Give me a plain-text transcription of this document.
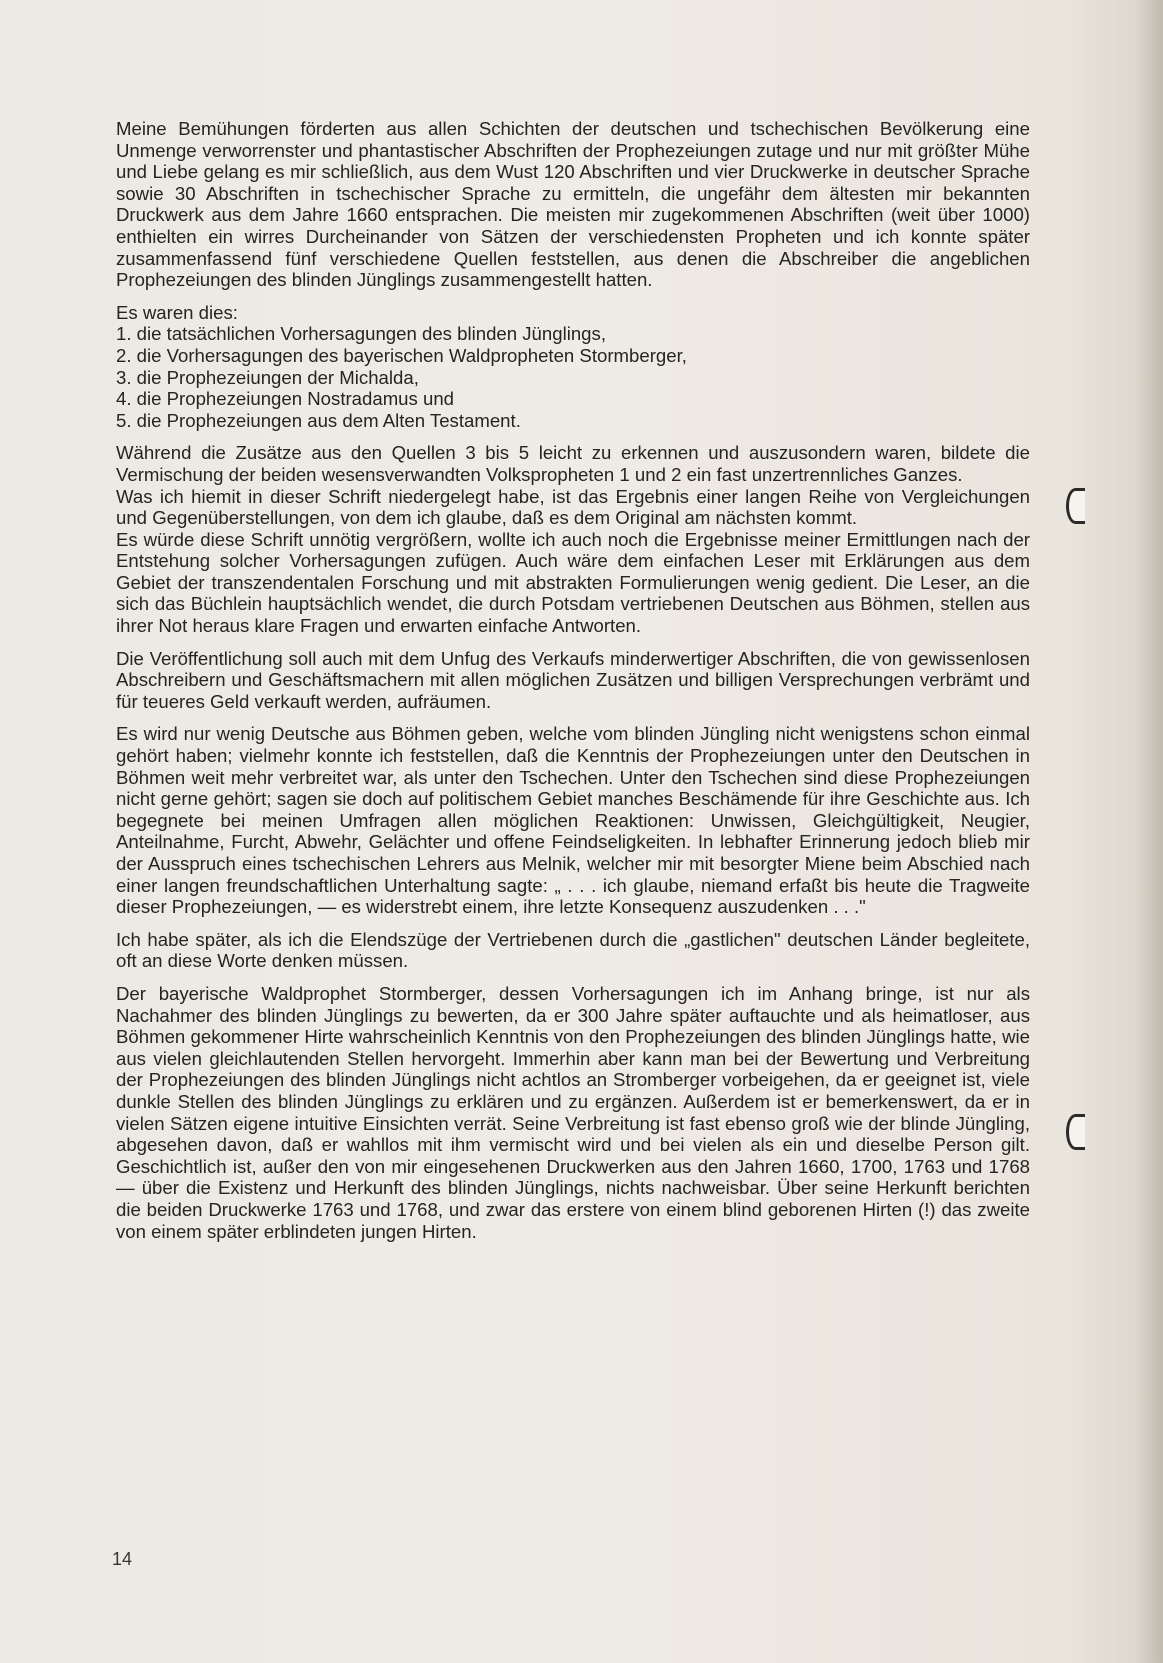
Meine Bemühungen förderten aus allen Schichten der deutschen und tschechischen Bevölkerung eine Unmenge verworrenster und phantastischer Abschriften der Prophezeiungen zutage und nur mit größter Mühe und Liebe gelang es mir schließlich, aus dem Wust 120 Abschriften und vier Druckwerke in deutscher Sprache sowie 30 Abschriften in tschechischer Sprache zu ermitteln, die ungefähr dem ältesten mir bekannten Druckwerk aus dem Jahre 1660 entsprachen. Die meisten mir zugekommenen Abschriften (weit über 1000) enthielten ein wirres Durcheinander von Sätzen der verschiedensten Propheten und ich konnte später zusammenfassend fünf verschiedene Quellen feststellen, aus denen die Abschreiber die angeblichen Prophezeiungen des blinden Jünglings zusammengestellt hatten.

Es waren dies:

1. die tatsächlichen Vorhersagungen des blinden Jünglings,
2. die Vorhersagungen des bayerischen Waldpropheten Stormberger,
3. die Prophezeiungen der Michalda,
4. die Prophezeiungen Nostradamus und
5. die Prophezeiungen aus dem Alten Testament.

Während die Zusätze aus den Quellen 3 bis 5 leicht zu erkennen und auszusondern waren, bildete die Vermischung der beiden wesensverwandten Volkspropheten 1 und 2 ein fast unzertrennliches Ganzes.

Was ich hiemit in dieser Schrift niedergelegt habe, ist das Ergebnis einer langen Reihe von Vergleichungen und Gegenüberstellungen, von dem ich glaube, daß es dem Original am nächsten kommt.

Es würde diese Schrift unnötig vergrößern, wollte ich auch noch die Ergebnisse meiner Ermittlungen nach der Entstehung solcher Vorhersagungen zufügen. Auch wäre dem einfachen Leser mit Erklärungen aus dem Gebiet der transzendentalen Forschung und mit abstrakten Formulierungen wenig gedient. Die Leser, an die sich das Büchlein hauptsächlich wendet, die durch Potsdam vertriebenen Deutschen aus Böhmen, stellen aus ihrer Not heraus klare Fragen und erwarten einfache Antworten.

Die Veröffentlichung soll auch mit dem Unfug des Verkaufs minderwertiger Abschriften, die von gewissenlosen Abschreibern und Geschäftsmachern mit allen möglichen Zusätzen und billigen Versprechungen verbrämt und für teueres Geld verkauft werden, aufräumen.

Es wird nur wenig Deutsche aus Böhmen geben, welche vom blinden Jüngling nicht wenigstens schon einmal gehört haben; vielmehr konnte ich feststellen, daß die Kenntnis der Prophezeiungen unter den Deutschen in Böhmen weit mehr verbreitet war, als unter den Tschechen. Unter den Tschechen sind diese Prophezeiungen nicht gerne gehört; sagen sie doch auf politischem Gebiet manches Beschämende für ihre Geschichte aus. Ich begegnete bei meinen Umfragen allen möglichen Reaktionen: Unwissen, Gleichgültigkeit, Neugier, Anteilnahme, Furcht, Abwehr, Gelächter und offene Feindseligkeiten. In lebhafter Erinnerung jedoch blieb mir der Ausspruch eines tschechischen Lehrers aus Melnik, welcher mir mit besorgter Miene beim Abschied nach einer langen freundschaftlichen Unterhaltung sagte: „ . . . ich glaube, niemand erfaßt bis heute die Tragweite dieser Prophezeiungen, — es widerstrebt einem, ihre letzte Konsequenz auszudenken . . ."

Ich habe später, als ich die Elendszüge der Vertriebenen durch die „gastlichen" deutschen Länder begleitete, oft an diese Worte denken müssen.

Der bayerische Waldprophet Stormberger, dessen Vorhersagungen ich im Anhang bringe, ist nur als Nachahmer des blinden Jünglings zu bewerten, da er 300 Jahre später auftauchte und als heimatloser, aus Böhmen gekommener Hirte wahrscheinlich Kenntnis von den Prophezeiungen des blinden Jünglings hatte, wie aus vielen gleichlautenden Stellen hervorgeht. Immerhin aber kann man bei der Bewertung und Verbreitung der Prophezeiungen des blinden Jünglings nicht achtlos an Stromberger vorbeigehen, da er geeignet ist, viele dunkle Stellen des blinden Jünglings zu erklären und zu ergänzen. Außerdem ist er bemerkenswert, da er in vielen Sätzen eigene intuitive Einsichten verrät. Seine Verbreitung ist fast ebenso groß wie der blinde Jüngling, abgesehen davon, daß er wahllos mit ihm vermischt wird und bei vielen als ein und dieselbe Person gilt. Geschichtlich ist, außer den von mir eingesehenen Druckwerken aus den Jahren 1660, 1700, 1763 und 1768 — über die Existenz und Herkunft des blinden Jünglings, nichts nachweisbar. Über seine Herkunft berichten die beiden Druckwerke 1763 und 1768, und zwar das erstere von einem blind geborenen Hirten (!) das zweite von einem später erblindeten jungen Hirten.

14
